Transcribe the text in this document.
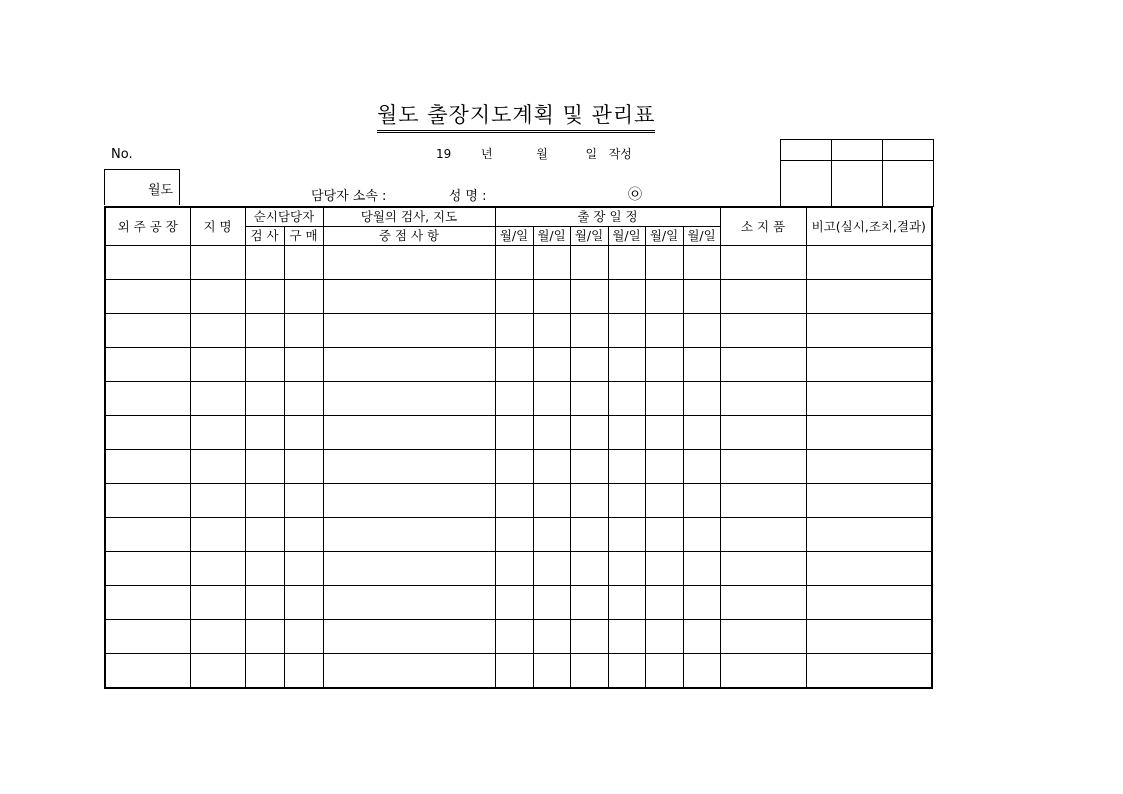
월도 출장지도계획 및 관리표
No.	19 년	월	일 작성
월도	담당자 소속 :	성 명 :	㉧

외 주 공 장	지 명	순시담당자		당월의 검사, 지도	출 장 일 정						소 지 품	비고(실시,조치,결과)
		검 사	구 매	중 점 사 항	월/일	월/일	월/일	월/일	월/일	월/일		
